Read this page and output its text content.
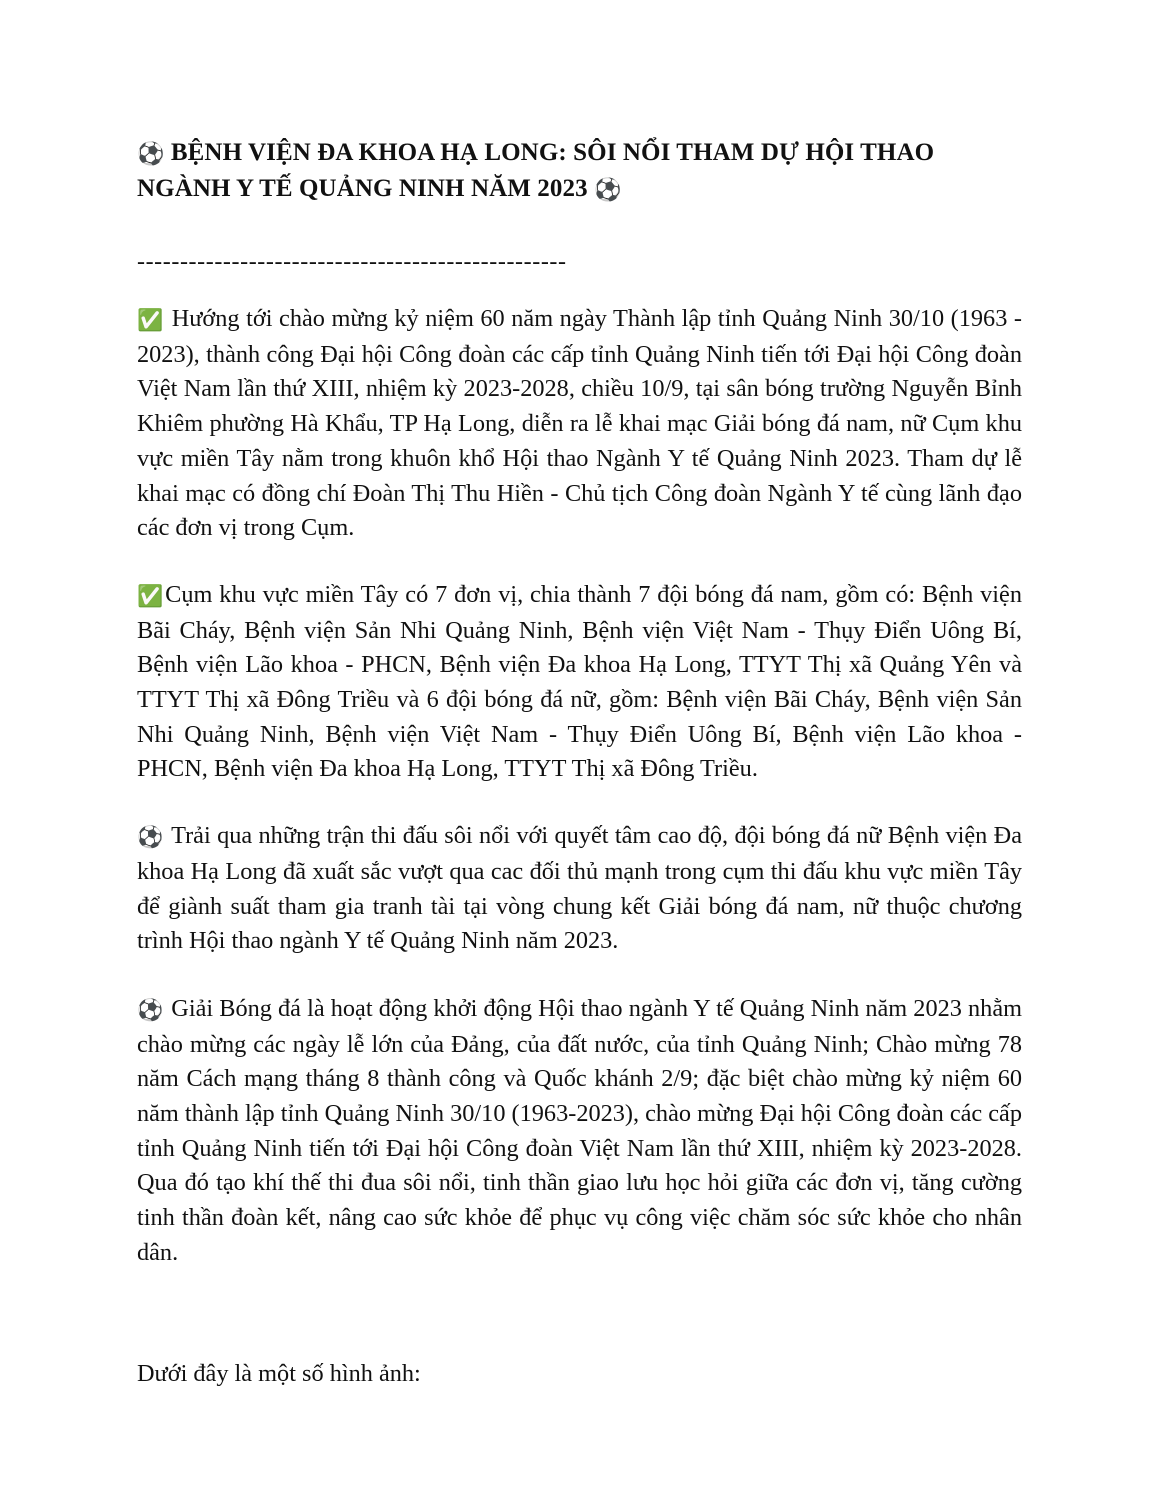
⚽ BỆNH VIỆN ĐA KHOA HẠ LONG: SÔI NỔI THAM DỰ HỘI THAO NGÀNH Y TẾ QUẢNG NINH NĂM 2023 ⚽
--------------------------------------------------

✅ Hướng tới chào mừng kỷ niệm 60 năm ngày Thành lập tỉnh Quảng Ninh 30/10 (1963 - 2023), thành công Đại hội Công đoàn các cấp tỉnh Quảng Ninh tiến tới Đại hội Công đoàn Việt Nam lần thứ XIII, nhiệm kỳ 2023-2028, chiều 10/9, tại sân bóng trường Nguyễn Bỉnh Khiêm phường Hà Khẩu, TP Hạ Long, diễn ra lễ khai mạc Giải bóng đá nam, nữ Cụm khu vực miền Tây nằm trong khuôn khổ Hội thao Ngành Y tế Quảng Ninh 2023. Tham dự lễ khai mạc có đồng chí Đoàn Thị Thu Hiền - Chủ tịch Công đoàn Ngành Y tế cùng lãnh đạo các đơn vị trong Cụm.

✅Cụm khu vực miền Tây có 7 đơn vị, chia thành 7 đội bóng đá nam, gồm có: Bệnh viện Bãi Cháy, Bệnh viện Sản Nhi Quảng Ninh, Bệnh viện Việt Nam - Thụy Điển Uông Bí, Bệnh viện Lão khoa - PHCN, Bệnh viện Đa khoa Hạ Long, TTYT Thị xã Quảng Yên và TTYT Thị xã Đông Triều và 6 đội bóng đá nữ, gồm: Bệnh viện Bãi Cháy, Bệnh viện Sản Nhi Quảng Ninh, Bệnh viện Việt Nam - Thụy Điển Uông Bí, Bệnh viện Lão khoa - PHCN, Bệnh viện Đa khoa Hạ Long, TTYT Thị xã Đông Triều.

⚽ Trải qua những trận thi đấu sôi nổi với quyết tâm cao độ, đội bóng đá nữ Bệnh viện Đa khoa Hạ Long đã xuất sắc vượt qua cac đối thủ mạnh trong cụm thi đấu khu vực miền Tây để giành suất tham gia tranh tài tại vòng chung kết Giải bóng đá nam, nữ thuộc chương trình Hội thao ngành Y tế Quảng Ninh năm 2023.

⚽ Giải Bóng đá là hoạt động khởi động Hội thao ngành Y tế Quảng Ninh năm 2023 nhằm chào mừng các ngày lễ lớn của Đảng, của đất nước, của tỉnh Quảng Ninh; Chào mừng 78 năm Cách mạng tháng 8 thành công và Quốc khánh 2/9; đặc biệt chào mừng kỷ niệm 60 năm thành lập tỉnh Quảng Ninh 30/10 (1963-2023), chào mừng Đại hội Công đoàn các cấp tỉnh Quảng Ninh tiến tới Đại hội Công đoàn Việt Nam lần thứ XIII, nhiệm kỳ 2023-2028. Qua đó tạo khí thế thi đua sôi nổi, tinh thần giao lưu học hỏi giữa các đơn vị, tăng cường tinh thần đoàn kết, nâng cao sức khỏe để phục vụ công việc chăm sóc sức khỏe cho nhân dân.

Dưới đây là một số hình ảnh:
